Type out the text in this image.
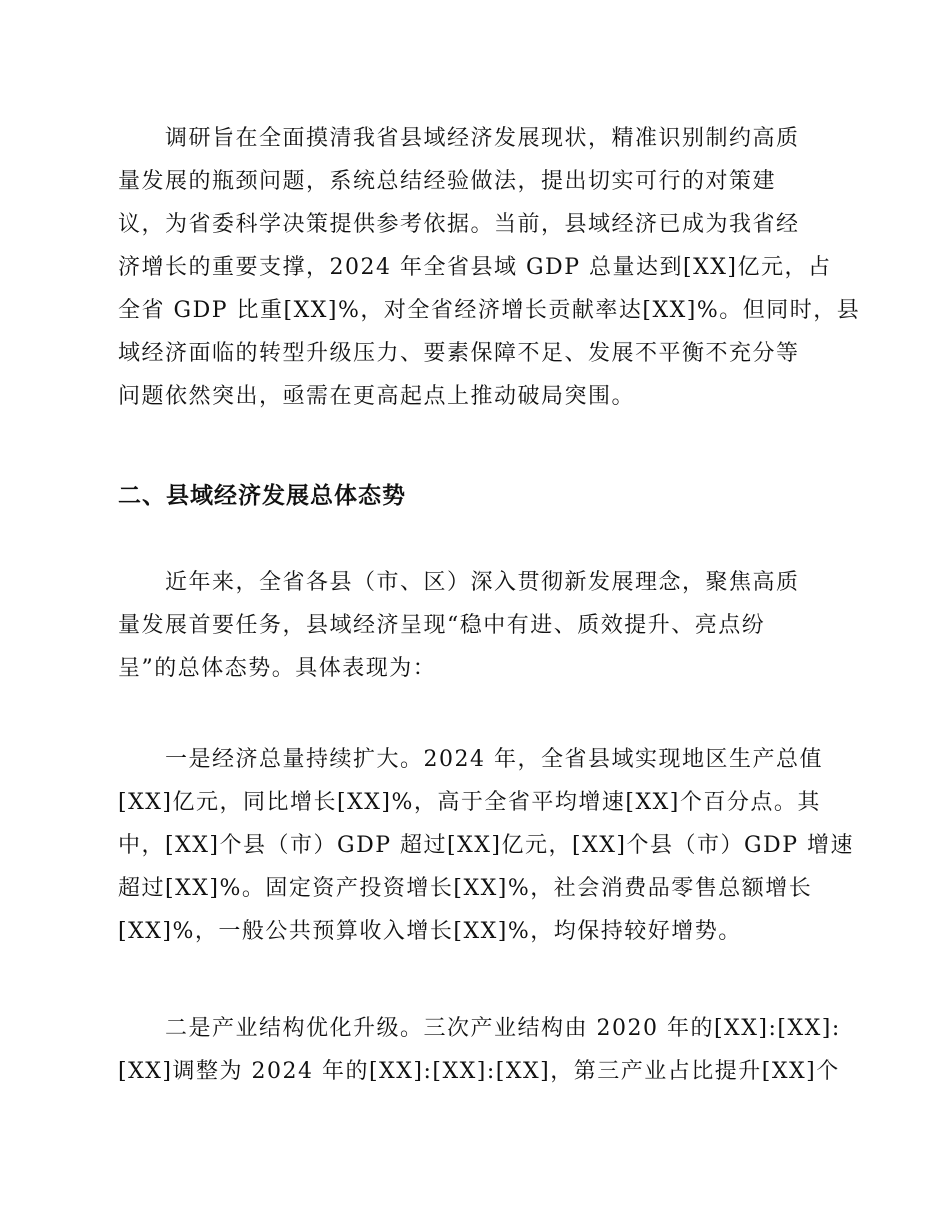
　　调研旨在全面摸清我省县域经济发展现状，精准识别制约高质
量发展的瓶颈问题，系统总结经验做法，提出切实可行的对策建
议，为省委科学决策提供参考依据。当前，县域经济已成为我省经
济增长的重要支撑，2024 年全省县域 GDP 总量达到[XX]亿元，占
全省 GDP 比重[XX]%，对全省经济增长贡献率达[XX]%。但同时，县
域经济面临的转型升级压力、要素保障不足、发展不平衡不充分等
问题依然突出，亟需在更高起点上推动破局突围。
二、县域经济发展总体态势
　　近年来，全省各县（市、区）深入贯彻新发展理念，聚焦高质
量发展首要任务，县域经济呈现“稳中有进、质效提升、亮点纷
呈”的总体态势。具体表现为：
　　一是经济总量持续扩大。2024 年，全省县域实现地区生产总值
[XX]亿元，同比增长[XX]%，高于全省平均增速[XX]个百分点。其
中，[XX]个县（市）GDP 超过[XX]亿元，[XX]个县（市）GDP 增速
超过[XX]%。固定资产投资增长[XX]%，社会消费品零售总额增长
[XX]%，一般公共预算收入增长[XX]%，均保持较好增势。
　　二是产业结构优化升级。三次产业结构由 2020 年的[XX]:[XX]:
[XX]调整为 2024 年的[XX]:[XX]:[XX]，第三产业占比提升[XX]个
